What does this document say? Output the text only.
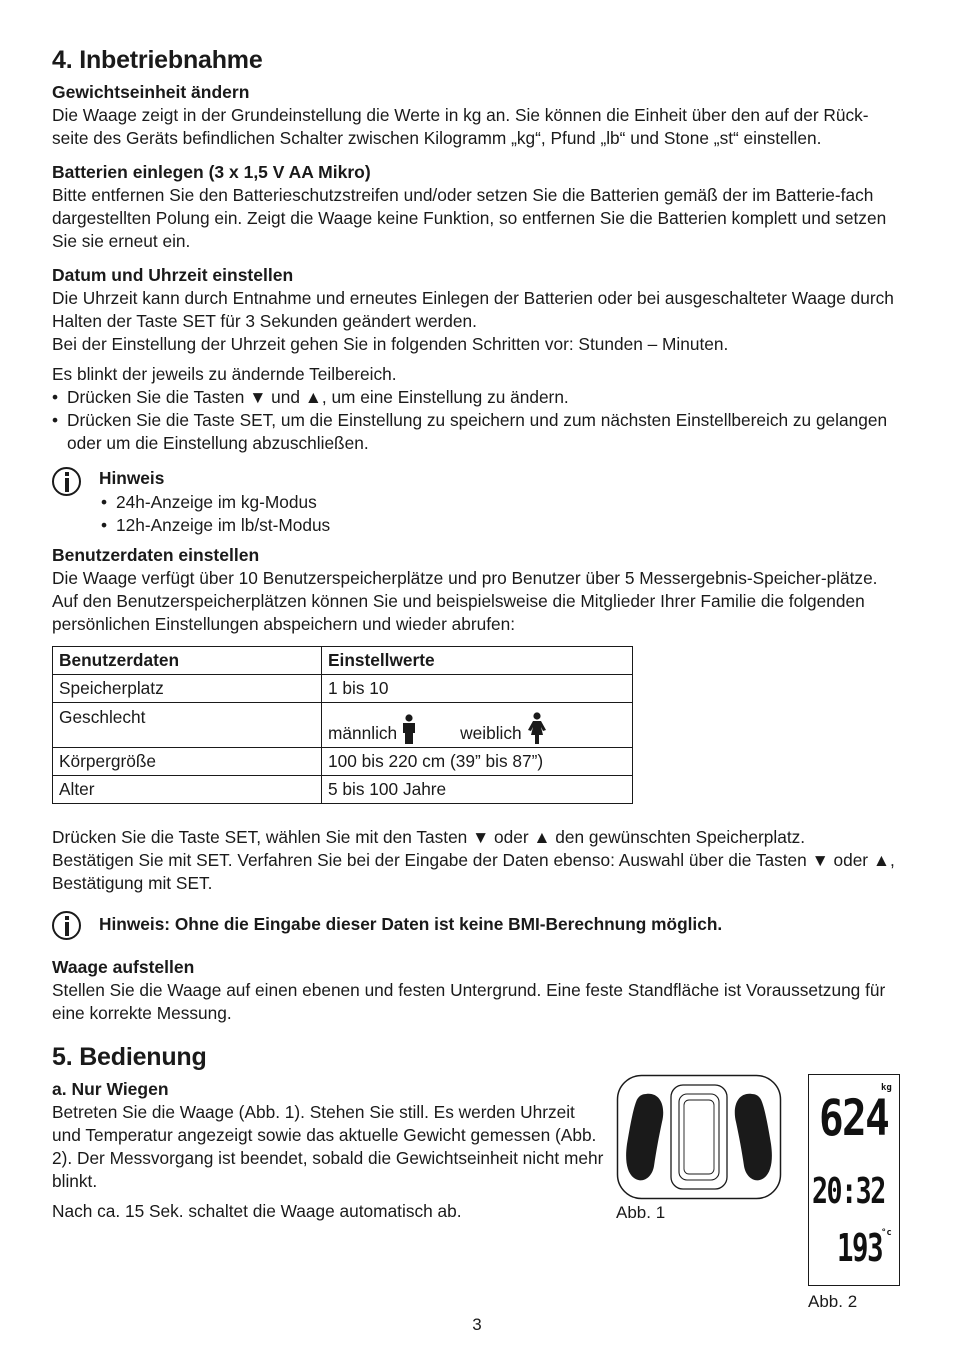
4. Inbetriebnahme
Gewichtseinheit ändern

Die Waage zeigt in der Grundeinstellung die Werte in kg an. Sie können die Einheit über den auf der Rück-seite des Geräts befindlichen Schalter zwischen Kilogramm „kg“, Pfund „lb“ und Stone „st“ einstellen.

Batterien einlegen (3 x 1,5 V AA Mikro)

Bitte entfernen Sie den Batterieschutzstreifen und/oder setzen Sie die Batterien gemäß der im Batterie-fach dargestellten Polung ein. Zeigt die Waage keine Funktion, so entfernen Sie die Batterien komplett und setzen Sie sie erneut ein.

Datum und Uhrzeit einstellen

Die Uhrzeit kann durch Entnahme und erneutes Einlegen der Batterien oder bei ausgeschalteter Waage durch Halten der Taste SET für 3 Sekunden geändert werden.

Bei der Einstellung der Uhrzeit gehen Sie in folgenden Schritten vor: Stunden – Minuten.

Es blinkt der jeweils zu ändernde Teilbereich.

• Drücken Sie die Tasten ▼ und ▲, um eine Einstellung zu ändern.
• Drücken Sie die Taste SET, um die Einstellung zu speichern und zum nächsten Einstellbereich zu gelangen oder um die Einstellung abzuschließen.
Hinweis
• 24h-Anzeige im kg-Modus
• 12h-Anzeige im lb/st-Modus
Benutzerdaten einstellen

Die Waage verfügt über 10 Benutzerspeicherplätze und pro Benutzer über 5 Messergebnis-Speicher-plätze. Auf den Benutzerspeicherplätzen können Sie und beispielsweise die Mitglieder Ihrer Familie die folgenden persönlichen Einstellungen abspeichern und wieder abrufen:

Benutzerdaten	Einstellwerte
Speicherplatz	1 bis 10
Geschlecht	männlich weiblich

Körpergröße	100 bis 220 cm (39” bis 87”)
Alter	5 bis 100 Jahre

Drücken Sie die Taste SET, wählen Sie mit den Tasten ▼ oder ▲ den gewünschten Speicherplatz.

Bestätigen Sie mit SET. Verfahren Sie bei der Eingabe der Daten ebenso: Auswahl über die Tasten ▼ oder ▲, Bestätigung mit SET.

Hinweis: Ohne die Eingabe dieser Daten ist keine BMI-Berechnung möglich.
Waage aufstellen

Stellen Sie die Waage auf einen ebenen und festen Untergrund. Eine feste Standfläche ist Voraussetzung für eine korrekte Messung.

5. Bedienung
a. Nur Wiegen

Betreten Sie die Waage (Abb. 1). Stehen Sie still. Es werden Uhrzeit und Temperatur angezeigt sowie das aktuelle Gewicht gemessen (Abb. 2). Der Messvorgang ist beendet, sobald die Gewichtseinheit nicht mehr blinkt.

Nach ca. 15 Sek. schaltet die Waage automatisch ab.	Abb. 1
624
kg
20:32
193
°c
Abb. 2
3
